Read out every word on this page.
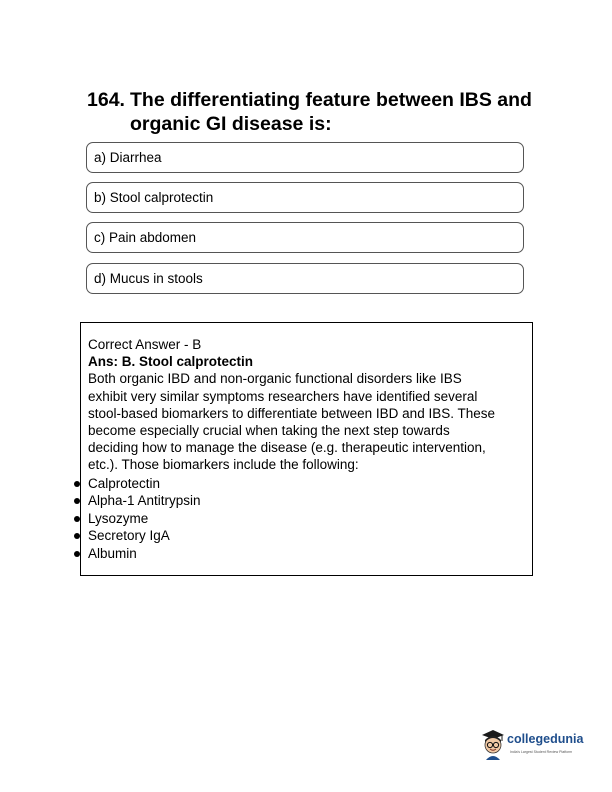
164. The differentiating feature between IBS and organic GI disease is:
a) Diarrhea
b) Stool calprotectin
c) Pain abdomen
d) Mucus in stools
Correct Answer - B
Ans: B. Stool calprotectin
Both organic IBD and non-organic functional disorders like IBS
exhibit very similar symptoms researchers have identified several
stool-based biomarkers to differentiate between IBD and IBS. These
become especially crucial when taking the next step towards
deciding how to manage the disease (e.g. therapeutic intervention,
etc.). Those biomarkers include the following:
Calprotectin
Alpha-1 Antitrypsin
Lysozyme
Secretory IgA
Albumin
collegedunia
India's Largest Student Review Platform
